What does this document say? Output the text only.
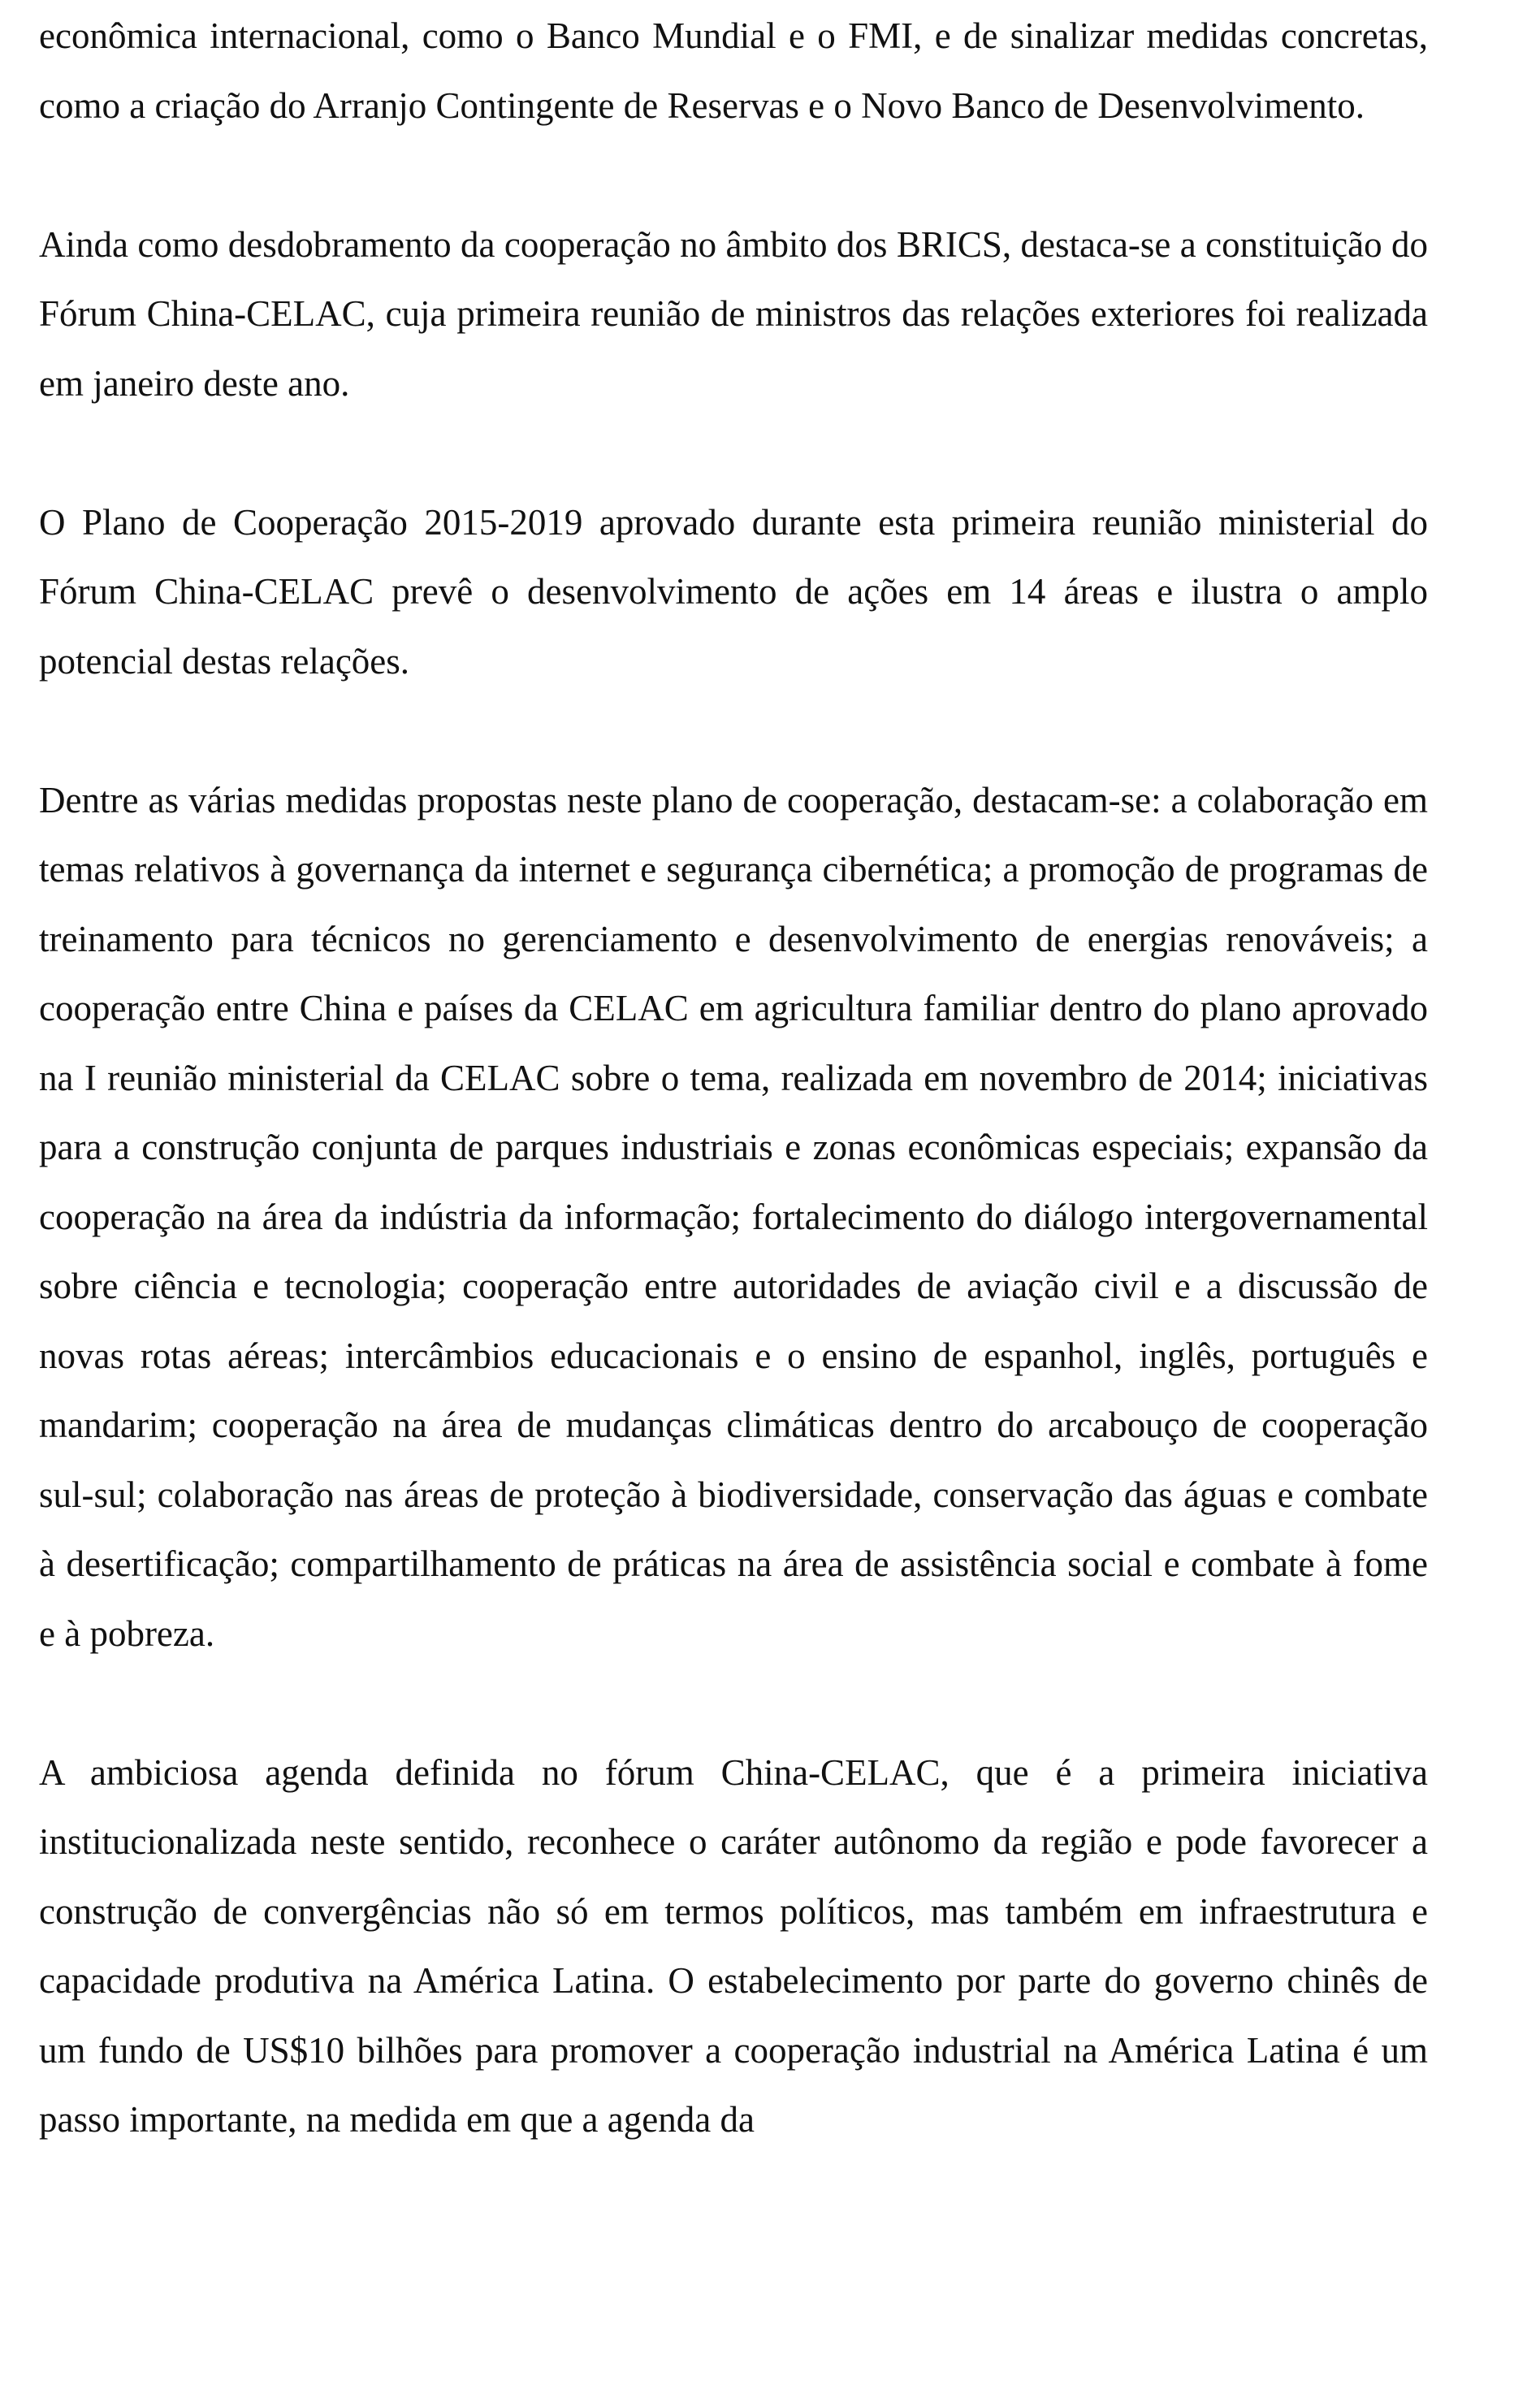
econômica internacional, como o Banco Mundial e o FMI, e de sinalizar medidas concretas, como a criação do Arranjo Contingente de Reservas e o Novo Banco de Desenvolvimento.

Ainda como desdobramento da cooperação no âmbito dos BRICS, destaca-se a constituição do Fórum China-CELAC, cuja primeira reunião de ministros das relações exteriores foi realizada em janeiro deste ano.

O Plano de Cooperação 2015-2019 aprovado durante esta primeira reunião ministerial do Fórum China-CELAC prevê o desenvolvimento de ações em 14 áreas e ilustra o amplo potencial destas relações.

Dentre as várias medidas propostas neste plano de cooperação, destacam-se: a colaboração em temas relativos à governança da internet e segurança cibernética; a promoção de programas de treinamento para técnicos no gerenciamento e desenvolvimento de energias renováveis; a cooperação entre China e países da CELAC em agricultura familiar dentro do plano aprovado na I reunião ministerial da CELAC sobre o tema, realizada em novembro de 2014; iniciativas para a construção conjunta de parques industriais e zonas econômicas especiais; expansão da cooperação na área da indústria da informação; fortalecimento do diálogo intergovernamental sobre ciência e tecnologia; cooperação entre autoridades de aviação civil e a discussão de novas rotas aéreas; intercâmbios educacionais e o ensino de espanhol, inglês, português e mandarim; cooperação na área de mudanças climáticas dentro do arcabouço de cooperação sul-sul; colaboração nas áreas de proteção à biodiversidade, conservação das águas e combate à desertificação; compartilhamento de práticas na área de assistência social e combate à fome e à pobreza.

A ambiciosa agenda definida no fórum China-CELAC, que é a primeira iniciativa institucionalizada neste sentido, reconhece o caráter autônomo da região e pode favorecer a construção de convergências não só em termos políticos, mas também em infraestrutura e capacidade produtiva na América Latina. O estabelecimento por parte do governo chinês de um fundo de US$10 bilhões para promover a cooperação industrial na América Latina é um passo importante, na medida em que a agenda da
